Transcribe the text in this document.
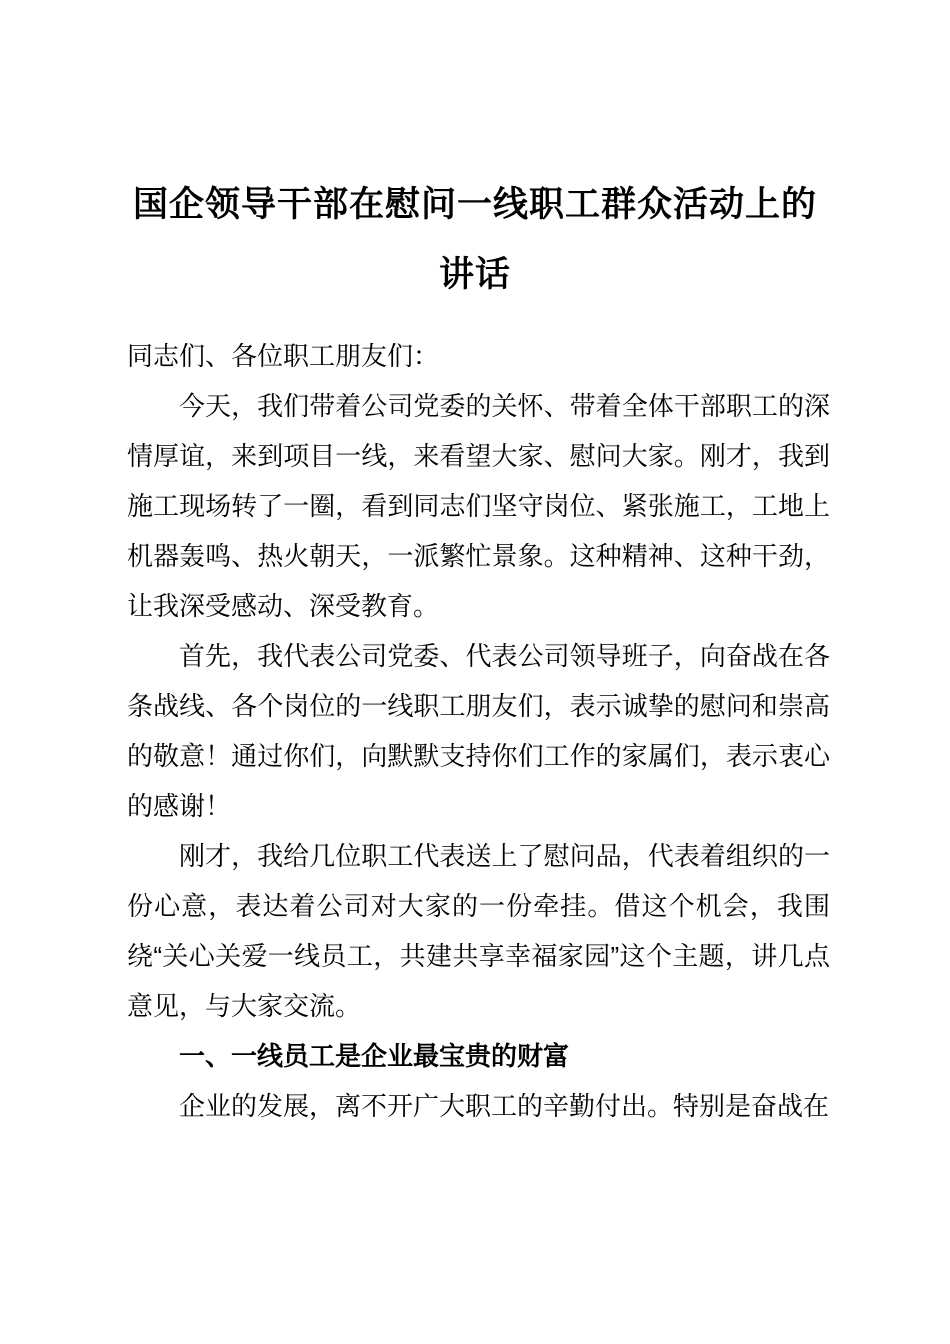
国企领导干部在慰问一线职工群众活动上的
讲话

同志们、各位职工朋友们：

今天，我们带着公司党委的关怀、带着全体干部职工的深情厚谊，来到项目一线，来看望大家、慰问大家。刚才，我到施工现场转了一圈，看到同志们坚守岗位、紧张施工，工地上机器轰鸣、热火朝天，一派繁忙景象。这种精神、这种干劲，让我深受感动、深受教育。

首先，我代表公司党委、代表公司领导班子，向奋战在各条战线、各个岗位的一线职工朋友们，表示诚挚的慰问和崇高的敬意！通过你们，向默默支持你们工作的家属们，表示衷心的感谢！

刚才，我给几位职工代表送上了慰问品，代表着组织的一份心意，表达着公司对大家的一份牵挂。借这个机会，我围绕“关心关爱一线员工，共建共享幸福家园”这个主题，讲几点意见，与大家交流。

一、一线员工是企业最宝贵的财富

企业的发展，离不开广大职工的辛勤付出。特别是奋战在
